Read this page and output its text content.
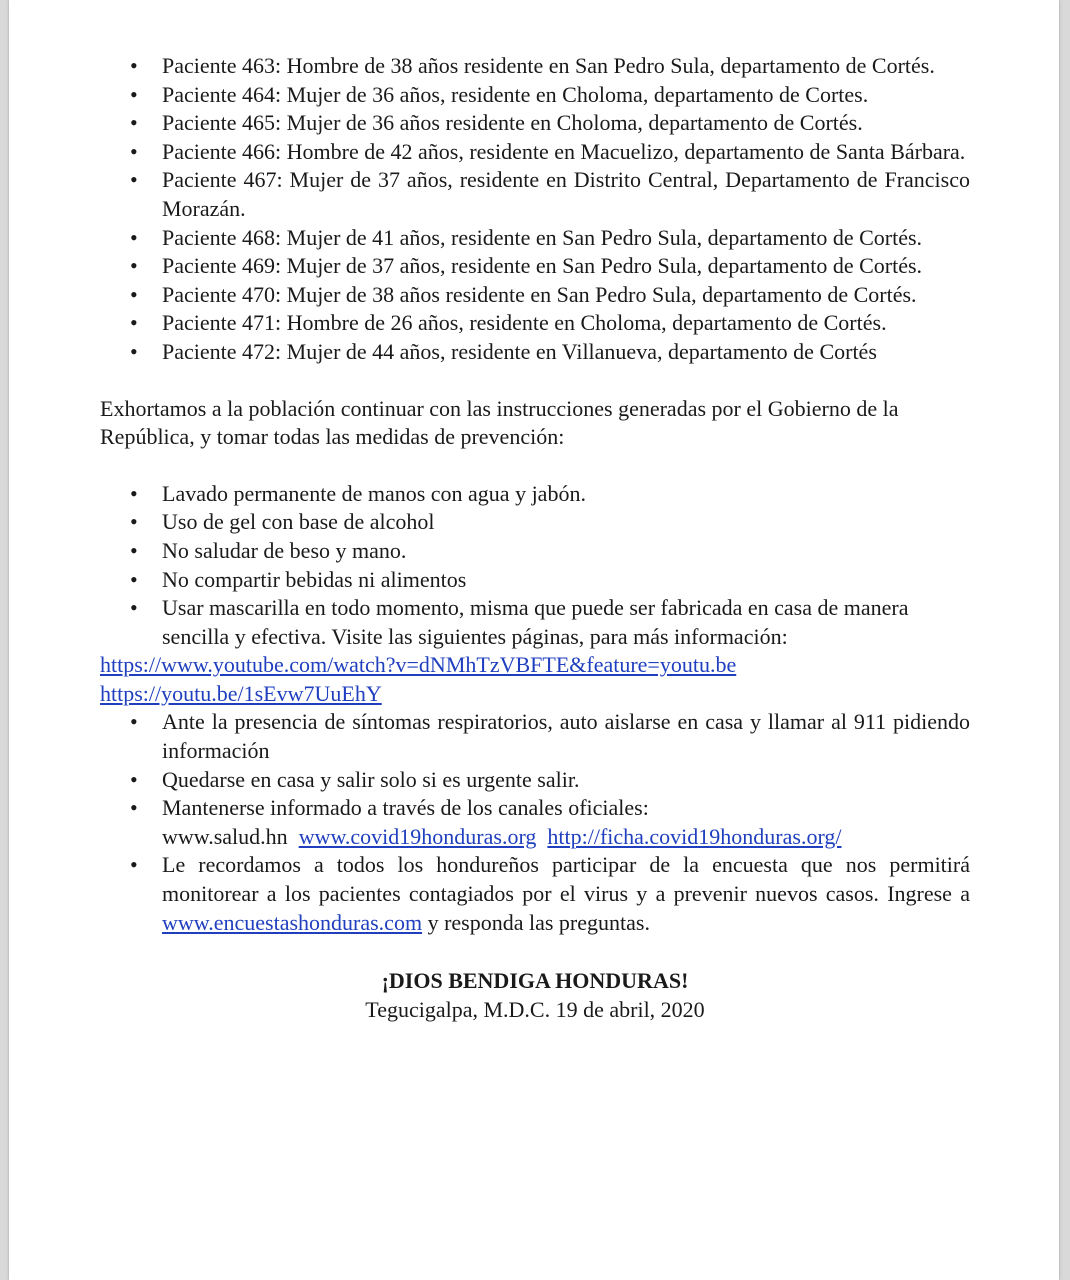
• Paciente 463: Hombre de 38 años residente en San Pedro Sula, departamento de Cortés.
• Paciente 464: Mujer de 36 años, residente en Choloma, departamento de Cortes.
• Paciente 465: Mujer de 36 años residente en Choloma, departamento de Cortés.
• Paciente 466: Hombre de 42 años, residente en Macuelizo, departamento de Santa Bárbara.
• Paciente 467: Mujer de 37 años, residente en Distrito Central, Departamento de Francisco Morazán.
• Paciente 468: Mujer de 41 años, residente en San Pedro Sula, departamento de Cortés.
• Paciente 469: Mujer de 37 años, residente en San Pedro Sula, departamento de Cortés.
• Paciente 470: Mujer de 38 años residente en San Pedro Sula, departamento de Cortés.
• Paciente 471: Hombre de 26 años, residente en Choloma, departamento de Cortés.
• Paciente 472: Mujer de 44 años, residente en Villanueva, departamento de Cortés

Exhortamos a la población continuar con las instrucciones generadas por el Gobierno de la República, y tomar todas las medidas de prevención:

• Lavado permanente de manos con agua y jabón.
• Uso de gel con base de alcohol
• No saludar de beso y mano.
• No compartir bebidas ni alimentos
• Usar mascarilla en todo momento, misma que puede ser fabricada en casa de manera sencilla y efectiva. Visite las siguientes páginas, para más información:

https://www.youtube.com/watch?v=dNMhTzVBFTE&feature=youtu.be

https://youtu.be/1sEvw7UuEhY

• Ante la presencia de síntomas respiratorios, auto aislarse en casa y llamar al 911 pidiendo información
• Quedarse en casa y salir solo si es urgente salir.
• Mantenerse informado a través de los canales oficiales:
www.salud.hn www.covid19honduras.org http://ficha.covid19honduras.org/
• Le recordamos a todos los hondureños participar de la encuesta que nos permitirá monitorear a los pacientes contagiados por el virus y a prevenir nuevos casos. Ingrese a www.encuestashonduras.com y responda las preguntas.

¡DIOS BENDIGA HONDURAS!

Tegucigalpa, M.D.C. 19 de abril, 2020
